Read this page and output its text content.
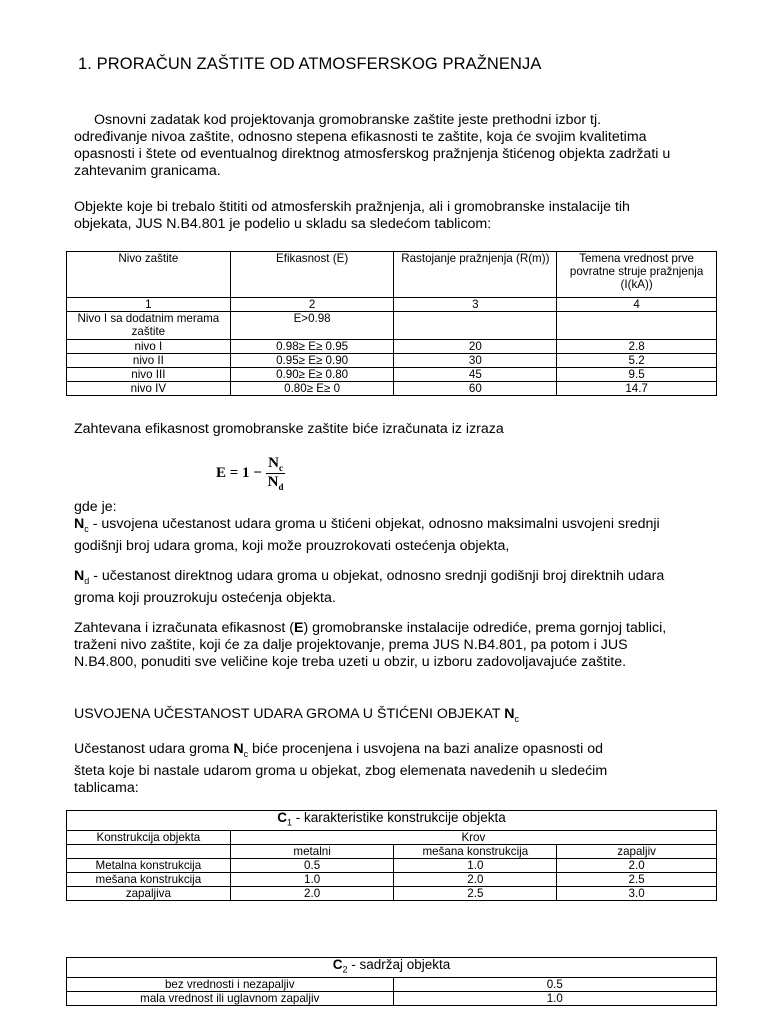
1. PRORAČUN ZAŠTITE OD ATMOSFERSKOG PRAŽNENJA

Osnovni zadatak kod projektovanja gromobranske zaštite jeste prethodni izbor tj.

određivanje nivoa zaštite, odnosno stepena efikasnosti te zaštite, koja će svojim kvalitetima

opasnosti i štete od eventualnog direktnog atmosferskog pražnjenja štićenog objekta zadržati u

zahtevanim granicama.

Objekte koje bi trebalo štititi od atmosferskih pražnjenja, ali i gromobranske instalacije tih

objekata, JUS N.B4.801 je podelio u skladu sa sledećom tablicom:

Nivo zaštite	Efikasnost (E)	Rastojanje pražnjenja (R(m))	Temena vrednost prve povratne struje pražnjenja (I(kA))
1	2	3	4
Nivo I sa dodatnim merama zaštite	E>0.98		
nivo I	0.98≥ E≥ 0.95	20	2.8
nivo II	0.95≥ E≥ 0.90	30	5.2
nivo III	0.90≥ E≥ 0.80	45	9.5
nivo IV	0.80≥ E≥ 0	60	14.7

Zahtevana efikasnost gromobranske zaštite biće izračunata iz izraza

$E = 1 - \frac{N_c}{N_d}$

gde je:

$N_c$ - usvojena učestanost udara groma u štićeni objekat, odnosno maksimalni usvojeni srednji

godišnji broj udara groma, koji može prouzrokovati ostećenja objekta,

$N_d$ - učestanost direktnog udara groma u objekat, odnosno srednji godišnji broj direktnih udara

groma koji prouzrokuju ostećenja objekta.

Zahtevana i izračunata efikasnost (E) gromobranske instalacije odrediće, prema gornjoj tablici,

traženi nivo zaštite, koji će za dalje projektovanje, prema JUS N.B4.801, pa potom i JUS

N.B4.800, ponuditi sve veličine koje treba uzeti u obzir, u izboru zadovoljavajuće zaštite.

USVOJENA UČESTANOST UDARA GROMA U ŠTIĆENI OBJEKAT $N_c$

Učestanost udara groma $N_c$ biće procenjena i usvojena na bazi analize opasnosti od

šteta koje bi nastale udarom groma u objekat, zbog elemenata navedenih u sledećim

tablicama:

$C_1$ - karakteristike konstrukcije objekta			
Konstrukcija objekta	Krov		
	metalni	mešana konstrukcija	zapaljiv
Metalna konstrukcija	0.5	1.0	2.0
mešana konstrukcija	1.0	2.0	2.5
zapaljiva	2.0	2.5	3.0
$C_2$ - sadržaj objekta	
bez vrednosti i nezapaljiv	0.5
mala vrednost ili uglavnom zapaljiv	1.0
